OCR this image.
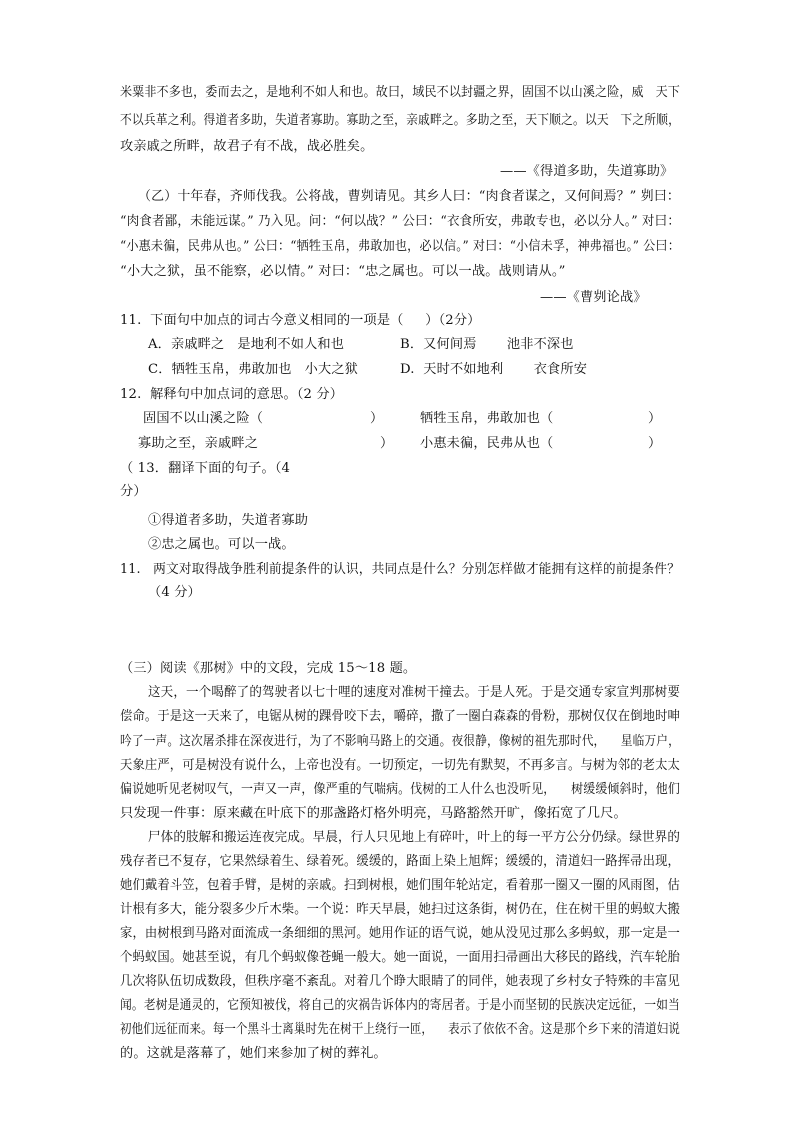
米粟非不多也，委而去之，是地利不如人和也。故曰，域民不以封疆之界，固国不以山溪之险，威   天下
不以兵革之利。得道者多助，失道者寡助。寡助之至，亲戚畔之。多助之至，天下顺之。以天   下之所顺，
攻亲戚之所畔，故君子有不战，战必胜矣。
——《得道多助，失道寡助》
（乙）十年春，齐师伐我。公将战，曹刿请见。其乡人曰：“肉食者谋之，又何间焉？” 刿曰：
“肉食者鄙，未能远谋。” 乃入见。问：“何以战？” 公曰：“衣食所安，弗敢专也，必以分人。” 对曰：
“小惠未徧，民弗从也。” 公曰：“牺牲玉帛，弗敢加也，必以信。” 对曰：“小信未孚，神弗福也。” 公曰：
“小大之狱，虽不能察，必以情。” 对曰：“忠之属也。可以一战。战则请从。”
——《曹刿论战》
11.  下面句中加点的词古今意义相同的一项是（     ）（2分）
A．亲戚畔之   是地利不如人和也	B．又何间焉       池非不深也
C．牺牲玉帛，弗敢加也   小大之狱	D.  天时不如地利       衣食所安
12.  解释句中加点词的意思。（2 分）
固国不以山溪之险（	）	牺牲玉帛，弗敢加也（	）
寡助之至，亲戚畔之	） 小惠未徧，民弗从也（	）
（ 13．翻译下面的句子。（4
分）
①得道者多助，失道者寡助
②忠之属也。可以一战。
11.   两文对取得战争胜利前提条件的认识，共同点是什么？分别怎样做才能拥有这样的前提条件？
（4 分）
（三）阅读《那树》中的文段，完成 15～18 题。
这天，一个喝醉了的驾驶者以七十哩的速度对准树干撞去。于是人死。于是交通专家宣判那树要
偿命。于是这一天来了，电锯从树的踝骨咬下去，嚼碎，撒了一圈白森森的骨粉，那树仅仅在倒地时呻
吟了一声。这次屠杀排在深夜进行，为了不影响马路上的交通。夜很静，像树的祖先那时代，    星临万户，
天象庄严，可是树没有说什么，上帝也没有。一切预定，一切先有默契，不再多言。与树为邻的老太太
偏说她听见老树叹气，一声又一声，像严重的气喘病。伐树的工人什么也没听见，    树缓缓倾斜时，他们
只发现一件事：原来藏在叶底下的那盏路灯格外明亮，马路豁然开旷，像拓宽了几尺。
尸体的肢解和搬运连夜完成。早晨，行人只见地上有碎叶，叶上的每一平方公分仍绿。绿世界的
残存者已不复存，它果然绿着生、绿着死。缓缓的，路面上染上旭辉；缓缓的，清道妇一路挥帚出现，
她们戴着斗笠，包着手臂，是树的亲戚。扫到树根，她们围年轮站定，看着那一圈又一圈的风雨图，估
计根有多大，能分裂多少斤木柴。一个说：昨天早晨，她扫过这条街，树仍在，住在树干里的蚂蚁大搬
家，由树根到马路对面流成一条细细的黑河。她用作证的语气说，她从没见过那么多蚂蚁，那一定是一
个蚂蚁国。她甚至说，有几个蚂蚁像苍蝇一般大。她一面说，一面用扫帚画出大移民的路线，汽车轮胎
几次将队伍切成数段，但秩序毫不紊乱。对着几个睁大眼睛了的同伴，她表现了乡村女子特殊的丰富见
闻。老树是通灵的，它预知被伐，将自己的灾祸告诉体内的寄居者。于是小而坚韧的民族决定远征，一如当
初他们远征而来。每一个黑斗士离巢时先在树干上绕行一匝，    表示了依依不舍。这是那个乡下来的清道妇说
的。这就是落幕了，她们来参加了树的葬礼。
